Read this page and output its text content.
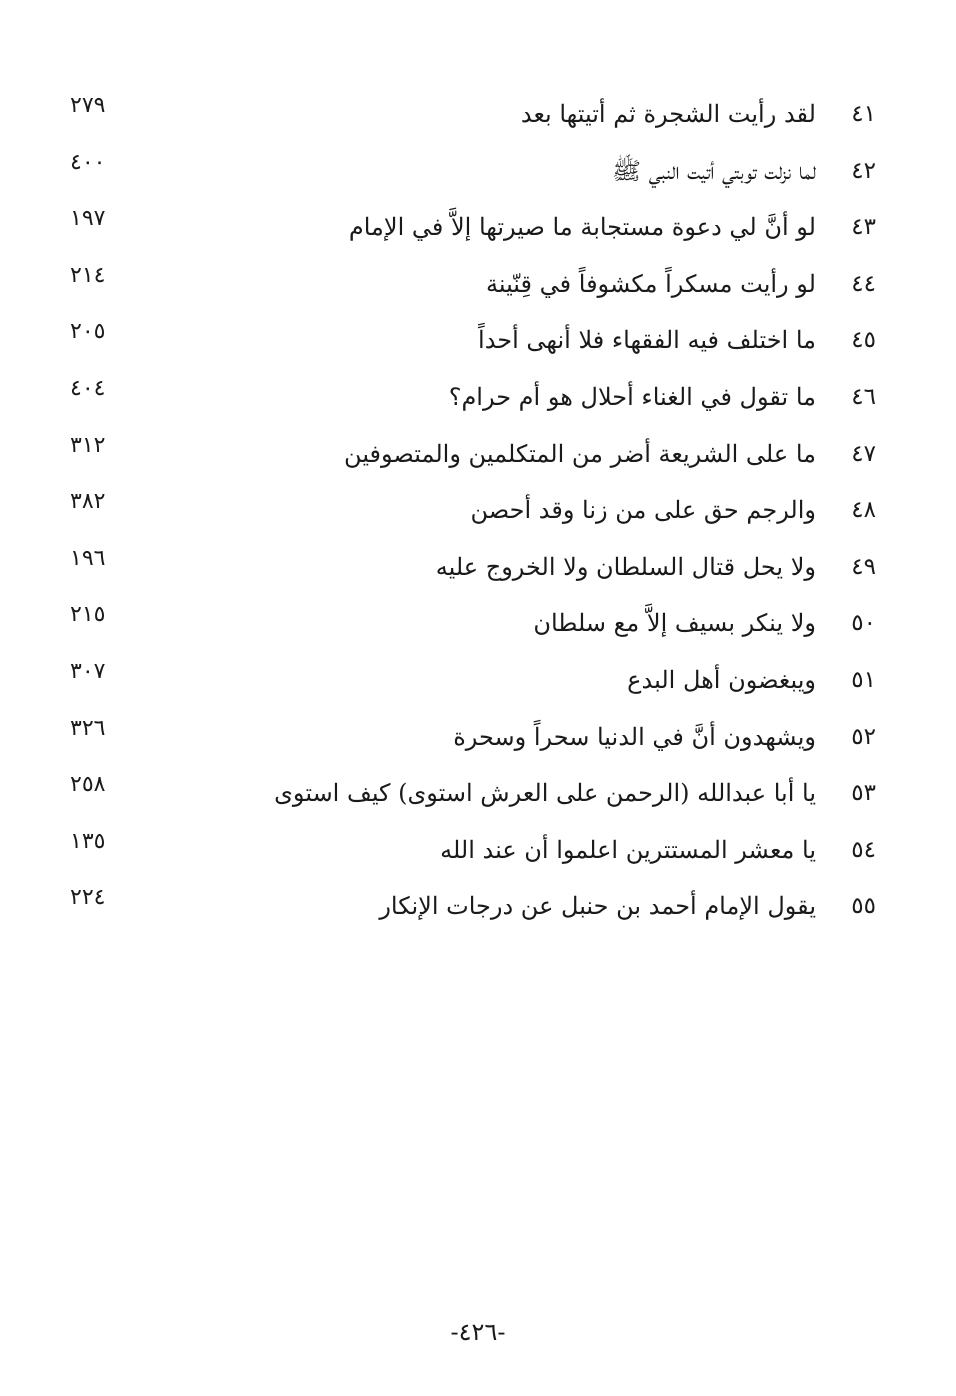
٤١
لقد رأيت الشجرة ثم أتيتها بعد
٢٧٩
٤٢
لما نزلت توبتي أتيت النبي ﷺ
٤٠٠
٤٣
لو أنَّ لي دعوة مستجابة ما صيرتها إلاَّ في الإمام
١٩٧
٤٤
لو رأيت مسكراً مكشوفاً في قِنّينة
٢١٤
٤٥
ما اختلف فيه الفقهاء فلا أنهى أحداً
٢٠٥
٤٦
ما تقول في الغناء أحلال هو أم حرام؟
٤٠٤
٤٧
ما على الشريعة أضر من المتكلمين والمتصوفين
٣١٢
٤٨
والرجم حق على من زنا وقد أحصن
٣٨٢
٤٩
ولا يحل قتال السلطان ولا الخروج عليه
١٩٦
٥٠
ولا ينكر بسيف إلاَّ مع سلطان
٢١٥
٥١
ويبغضون أهل البدع
٣٠٧
٥٢
ويشهدون أنَّ في الدنيا سحراً وسحرة
٣٢٦
٥٣
يا أبا عبدالله (الرحمن على العرش استوى) كيف استوى
٢٥٨
٥٤
يا معشر المستترين اعلموا أن عند الله
١٣٥
٥٥
يقول الإمام أحمد بن حنبل عن درجات الإنكار
٢٢٤
-٤٢٦-
